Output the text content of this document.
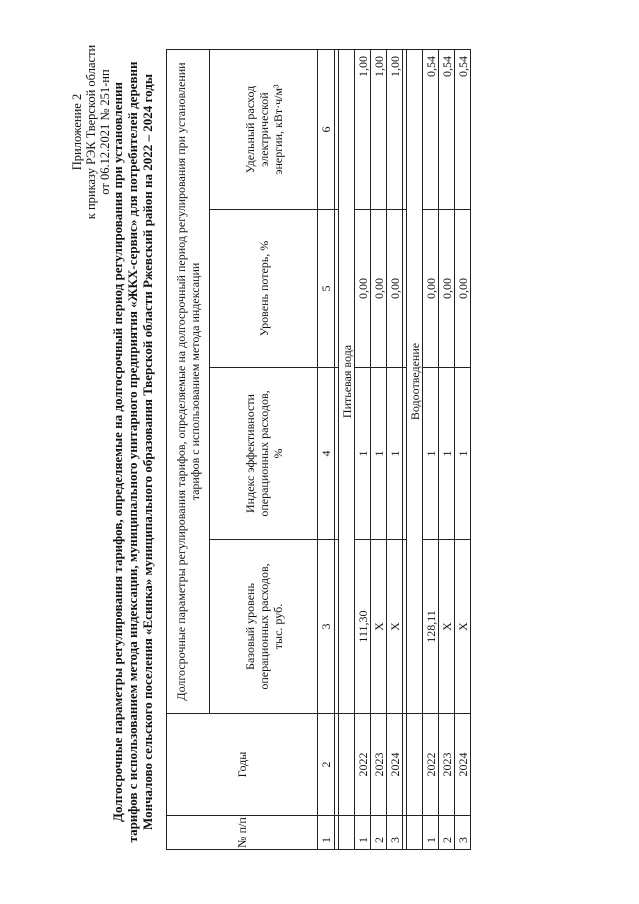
Приложение 2 к приказу РЭК Тверской области от 06.12.2021 № 251-нп
Долгосрочные параметры регулирования тарифов, определяемые на долгосрочный период регулирования при установлении тарифов с использованием метода индексации, муниципального унитарного предприятия «ЖКХ-сервис» для потребителей деревни Мончалово сельского поселения «Есинка» муниципального образования Тверской области Ржевский район на 2022 – 2024 годы
№ п/п	Годы	Долгосрочные параметры регулирования тарифов, определяемые на долгосрочный период регулирования при установлении тарифов с использованием метода индексации			
		Базовый уровень операционных расходов, тыс. руб.	Индекс эффективности операционных расходов, %	Уровень потерь, %	Удельный расход электрической энергии, кВт·ч/м³
1	2	3	4	5	6

		Питьевая вода			
1	2022	111,30	1	0,00	1,00
2	2023	X	1	0,00	1,00
3	2024	X	1	0,00	1,00

		Водоотведение			
1	2022	128,11	1	0,00	0,54
2	2023	X	1	0,00	0,54
3	2024	X	1	0,00	0,54
